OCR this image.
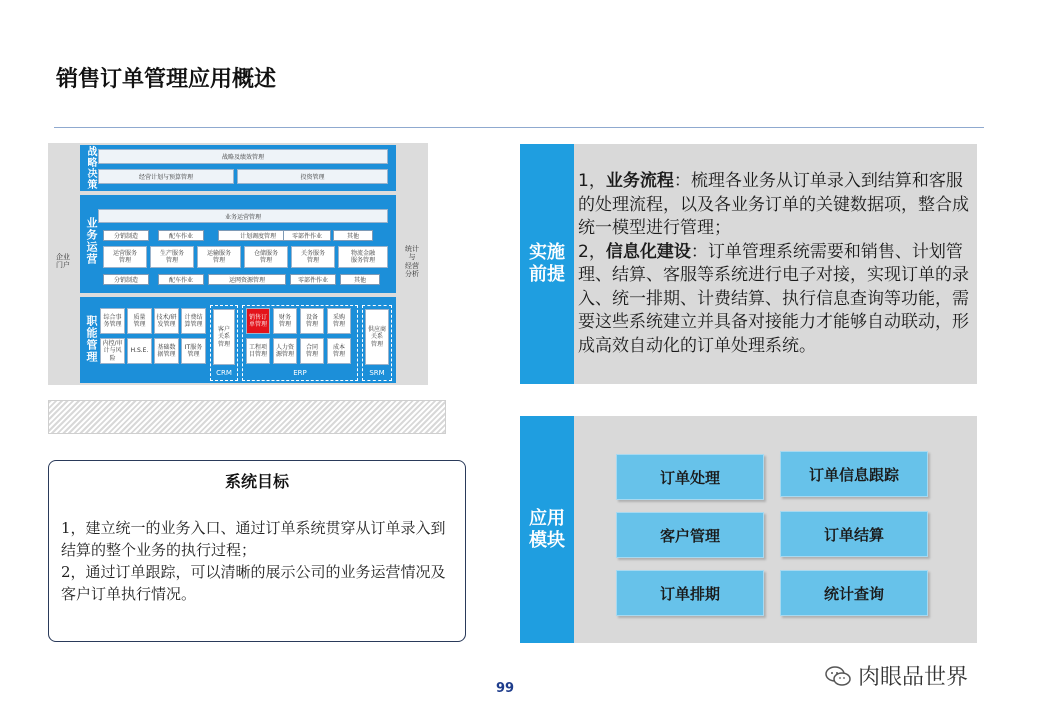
销售订单管理应用概述
企业
门户
统计
与
经营
分析
战略决策	战略及绩效管理
经营计划与预算管理	投资管理
业务运营	业务运营管理
分销制造	配车作业	计划调度管理	零部件作业	其他
运营服务
管理
生产服务
管理
运输服务
管理
仓储服务
管理
关务服务
管理
物流金融
服务管理
分销制造	配车作业	运网资源管理	零部件作业	其他
职能管理 综合事
务管理
质量
管理
技术/研
发管理
计费结
算管理
内控/审
计与风险
H.S.E.
基础数
据管理
IT服务
管理
客户
关系
管理
CRM
销售订
单管理
财务
管理
设备
管理
采购
管理
工程项
目管理
人力资
源管理
合同
管理
成本
管理
ERP
供应商
关系
管理
SRM
系统目标
1，建立统一的业务入口、通过订单系统贯穿从订单录入到结算的整个业务的执行过程；
2，通过订单跟踪，可以清晰的展示公司的业务运营情况及客户订单执行情况。
实施
前提
1，业务流程：梳理各业务从订单录入到结算和客服的处理流程，以及各业务订单的关键数据项，整合成统一模型进行管理；
2，信息化建设：订单管理系统需要和销售、计划管理、结算、客服等系统进行电子对接，实现订单的录入、统一排期、计费结算、执行信息查询等功能，需要这些系统建立并具备对接能力才能够自动联动，形成高效自动化的订单处理系统。
应用
模块
订单处理	订单信息跟踪
客户管理	订单结算
订单排期	统计查询
99	肉眼品世界
